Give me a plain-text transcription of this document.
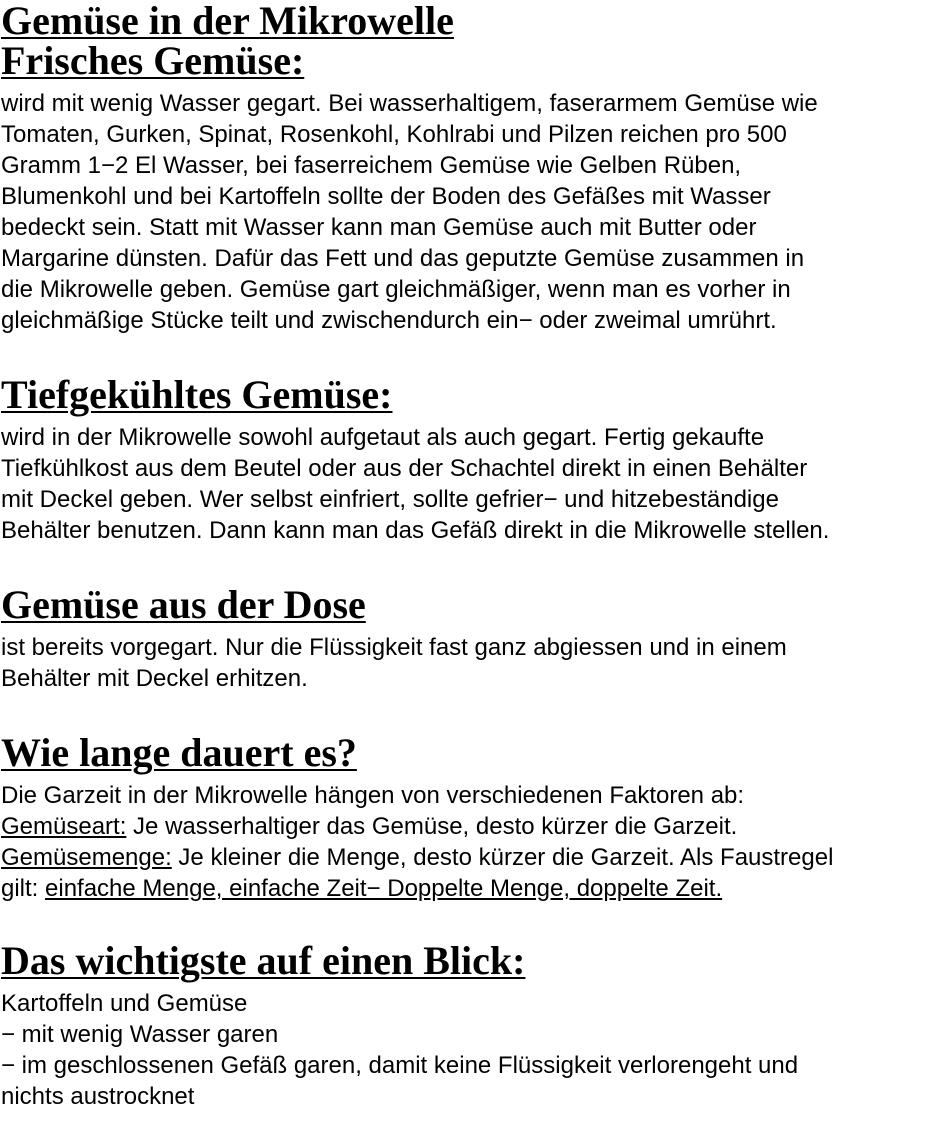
Gemüse in der Mikrowelle
Frisches Gemüse:
wird mit wenig Wasser gegart. Bei wasserhaltigem, faserarmem Gemüse wie
Tomaten, Gurken, Spinat, Rosenkohl, Kohlrabi und Pilzen reichen pro 500
Gramm 1−2 El Wasser, bei faserreichem Gemüse wie Gelben Rüben,
Blumenkohl und bei Kartoffeln sollte der Boden des Gefäßes mit Wasser
bedeckt sein. Statt mit Wasser kann man Gemüse auch mit Butter oder
Margarine dünsten. Dafür das Fett und das geputzte Gemüse zusammen in
die Mikrowelle geben. Gemüse gart gleichmäßiger, wenn man es vorher in
gleichmäßige Stücke teilt und zwischendurch ein− oder zweimal umrührt.
Tiefgekühltes Gemüse:
wird in der Mikrowelle sowohl aufgetaut als auch gegart. Fertig gekaufte
Tiefkühlkost aus dem Beutel oder aus der Schachtel direkt in einen Behälter
mit Deckel geben. Wer selbst einfriert, sollte gefrier− und hitzebeständige
Behälter benutzen. Dann kann man das Gefäß direkt in die Mikrowelle stellen.
Gemüse aus der Dose
ist bereits vorgegart. Nur die Flüssigkeit fast ganz abgiessen und in einem
Behälter mit Deckel erhitzen.
Wie lange dauert es?
Die Garzeit in der Mikrowelle hängen von verschiedenen Faktoren ab:
Gemüseart: Je wasserhaltiger das Gemüse, desto kürzer die Garzeit.
Gemüsemenge: Je kleiner die Menge, desto kürzer die Garzeit. Als Faustregel
gilt: einfache Menge, einfache Zeit− Doppelte Menge, doppelte Zeit.
Das wichtigste auf einen Blick:
Kartoffeln und Gemüse
− mit wenig Wasser garen
− im geschlossenen Gefäß garen, damit keine Flüssigkeit verlorengeht und
nichts austrocknet
